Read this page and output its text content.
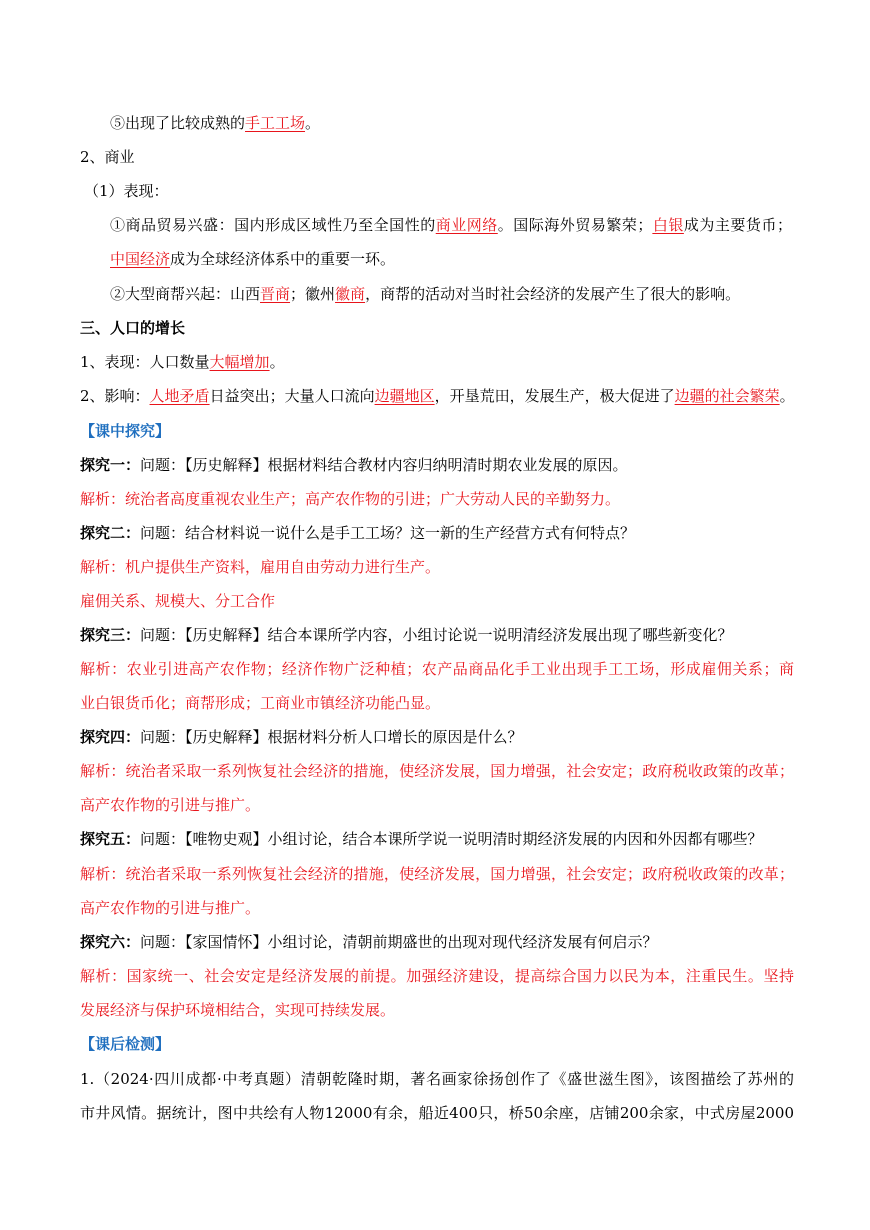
⑤出现了比较成熟的手工工场。
2、商业
（1）表现：
①商品贸易兴盛：国内形成区域性乃至全国性的商业网络。国际海外贸易繁荣；白银成为主要货币；
中国经济成为全球经济体系中的重要一环。
②大型商帮兴起：山西晋商；徽州徽商，商帮的活动对当时社会经济的发展产生了很大的影响。
三、人口的增长
1、表现：人口数量大幅增加。
2、影响：人地矛盾日益突出；大量人口流向边疆地区，开垦荒田，发展生产，极大促进了边疆的社会繁荣。
【课中探究】
探究一：问题：【历史解释】根据材料结合教材内容归纳明清时期农业发展的原因。
解析：统治者高度重视农业生产；高产农作物的引进；广大劳动人民的辛勤努力。
探究二：问题：结合材料说一说什么是手工工场？这一新的生产经营方式有何特点？
解析：机户提供生产资料，雇用自由劳动力进行生产。
雇佣关系、规模大、分工合作
探究三：问题：【历史解释】结合本课所学内容，小组讨论说一说明清经济发展出现了哪些新变化？
解析：农业引进高产农作物；经济作物广泛种植；农产品商品化手工业出现手工工场，形成雇佣关系；商
业白银货币化；商帮形成；工商业市镇经济功能凸显。
探究四：问题：【历史解释】根据材料分析人口增长的原因是什么？
解析：统治者采取一系列恢复社会经济的措施，使经济发展，国力增强，社会安定；政府税收政策的改革；
高产农作物的引进与推广。
探究五：问题：【唯物史观】小组讨论，结合本课所学说一说明清时期经济发展的内因和外因都有哪些？
解析：统治者采取一系列恢复社会经济的措施，使经济发展，国力增强，社会安定；政府税收政策的改革；
高产农作物的引进与推广。
探究六：问题：【家国情怀】小组讨论，清朝前期盛世的出现对现代经济发展有何启示？
解析：国家统一、社会安定是经济发展的前提。加强经济建设，提高综合国力以民为本，注重民生。坚持
发展经济与保护环境相结合，实现可持续发展。
【课后检测】
1.（2024·四川成都·中考真题）清朝乾隆时期，著名画家徐扬创作了《盛世滋生图》，该图描绘了苏州的
市井风情。据统计，图中共绘有人物12000有余，船近400只，桥50余座，店铺200余家，中式房屋2000
